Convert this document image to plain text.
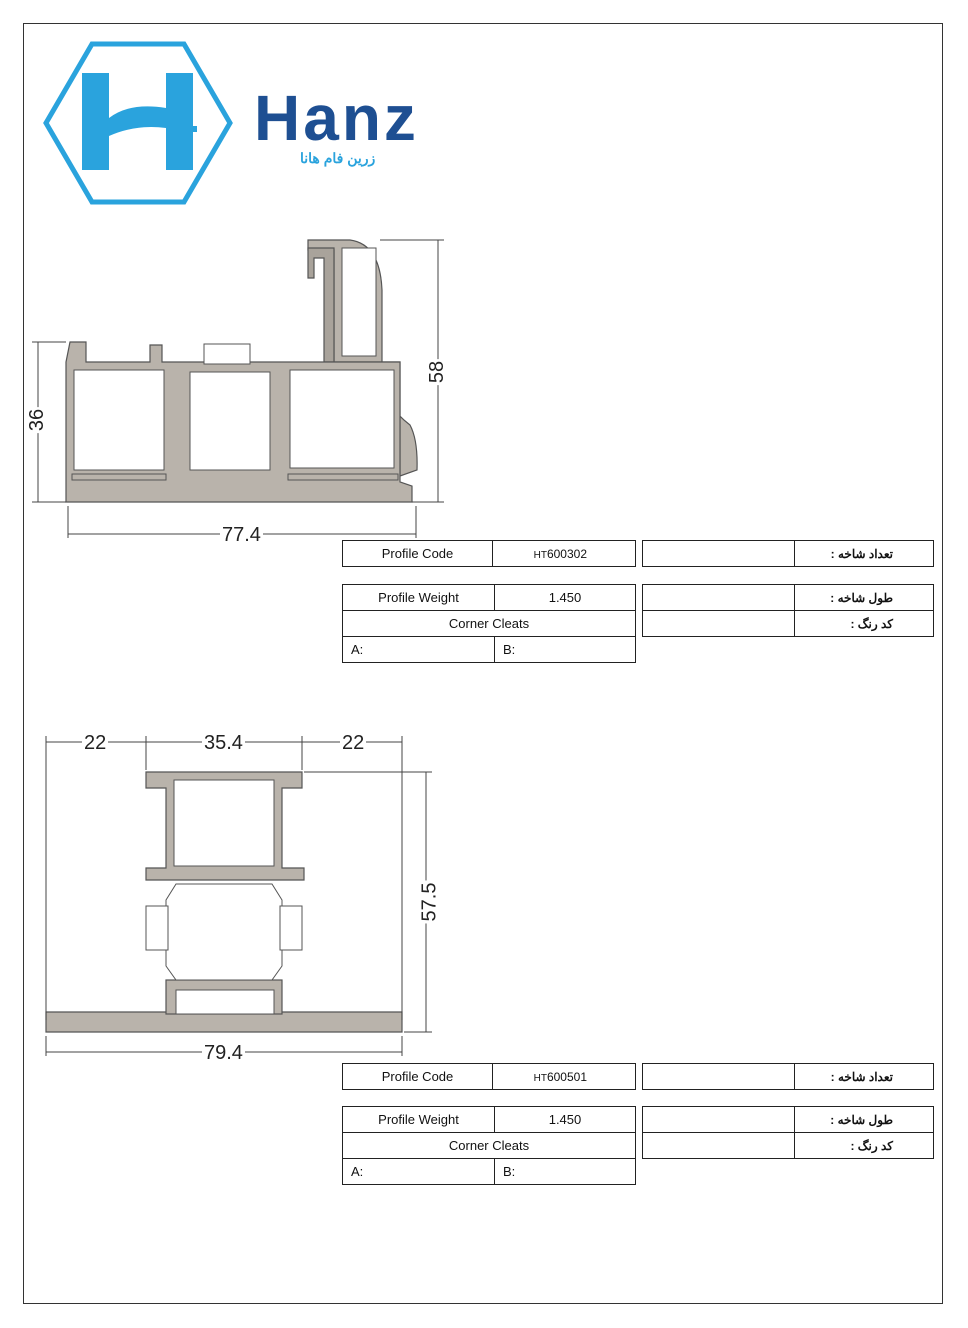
Hanz
زرین فام هانا
36
58
77.4
Profile Code	HT600302
Profile Weight	1.450
Corner Cleats	
A:	B:
	تعداد شاخه :
	طول شاخه :
	کد رنگ :
22	35.4	22
57.5
79.4
Profile Code	HT600501
Profile Weight	1.450
Corner Cleats	
A:	B:
	تعداد شاخه :
	طول شاخه :
	کد رنگ :
